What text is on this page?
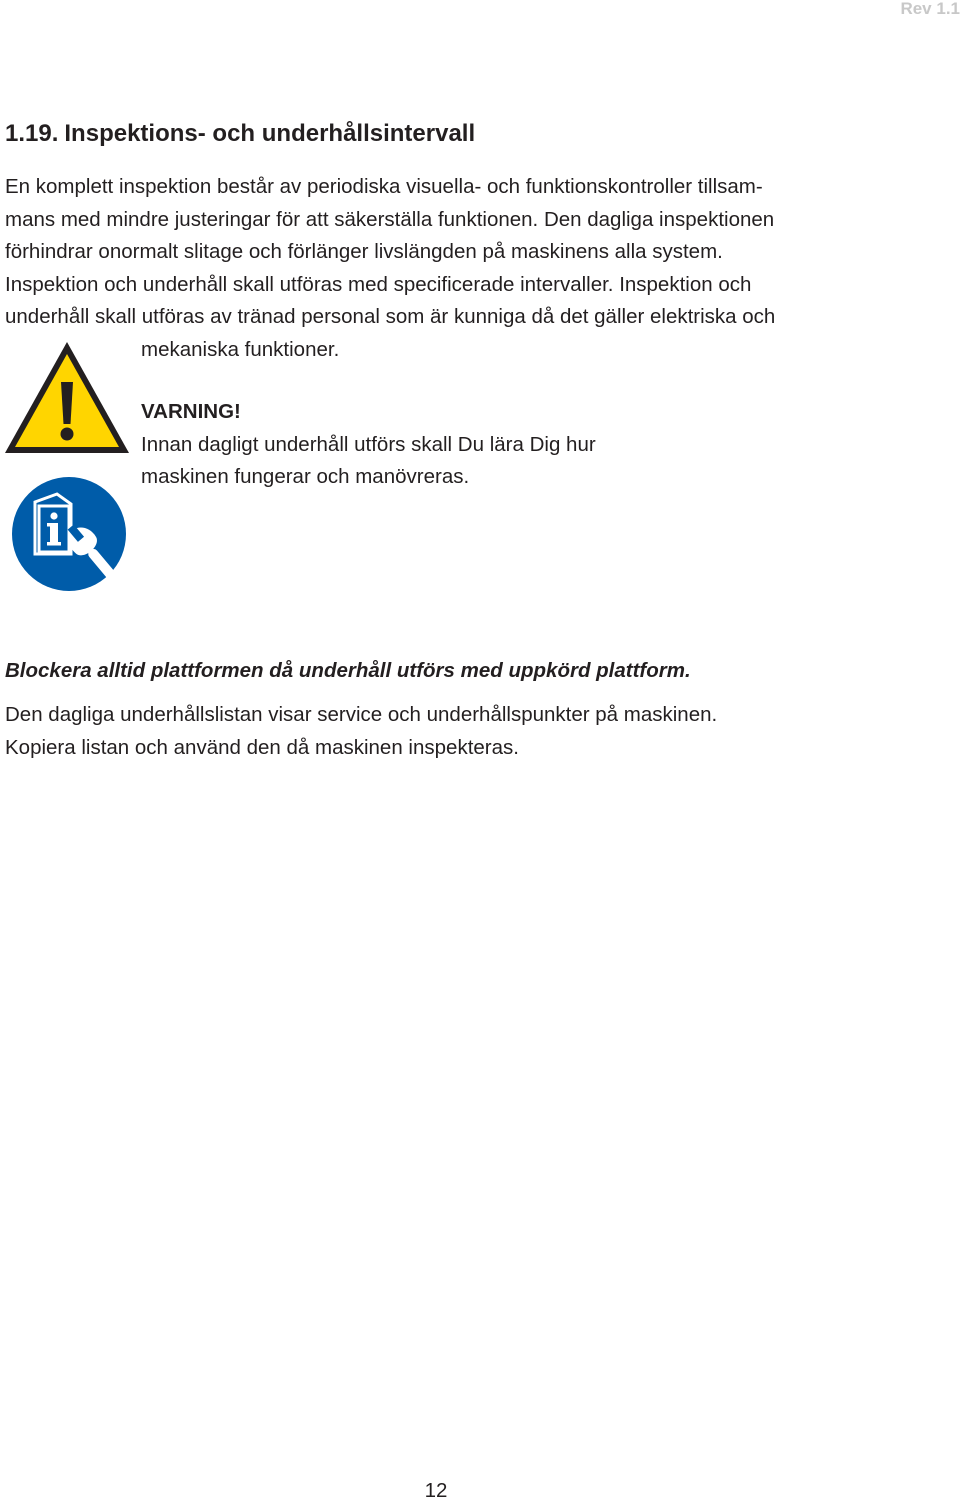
Rev 1.1
1.19. Inspektions- och underhållsintervall

En komplett inspektion består av periodiska visuella- och funktionskontroller tillsam-
mans med mindre justeringar för att säkerställa funktionen. Den dagliga inspektionen
förhindrar onormalt slitage och förlänger livslängden på maskinens alla system.
Inspektion och underhåll skall utföras med specificerade intervaller. Inspektion och
underhåll skall utföras av tränad personal som är kunniga då det gäller elektriska och
mekaniska funktioner.

VARNING!
Innan dagligt underhåll utförs skall Du lära Dig hur
maskinen fungerar och manövreras.

Blockera alltid plattformen då underhåll utförs med uppkörd plattform.

Den dagliga underhållslistan visar service och underhållspunkter på maskinen.
Kopiera listan och använd den då maskinen inspekteras.

12
